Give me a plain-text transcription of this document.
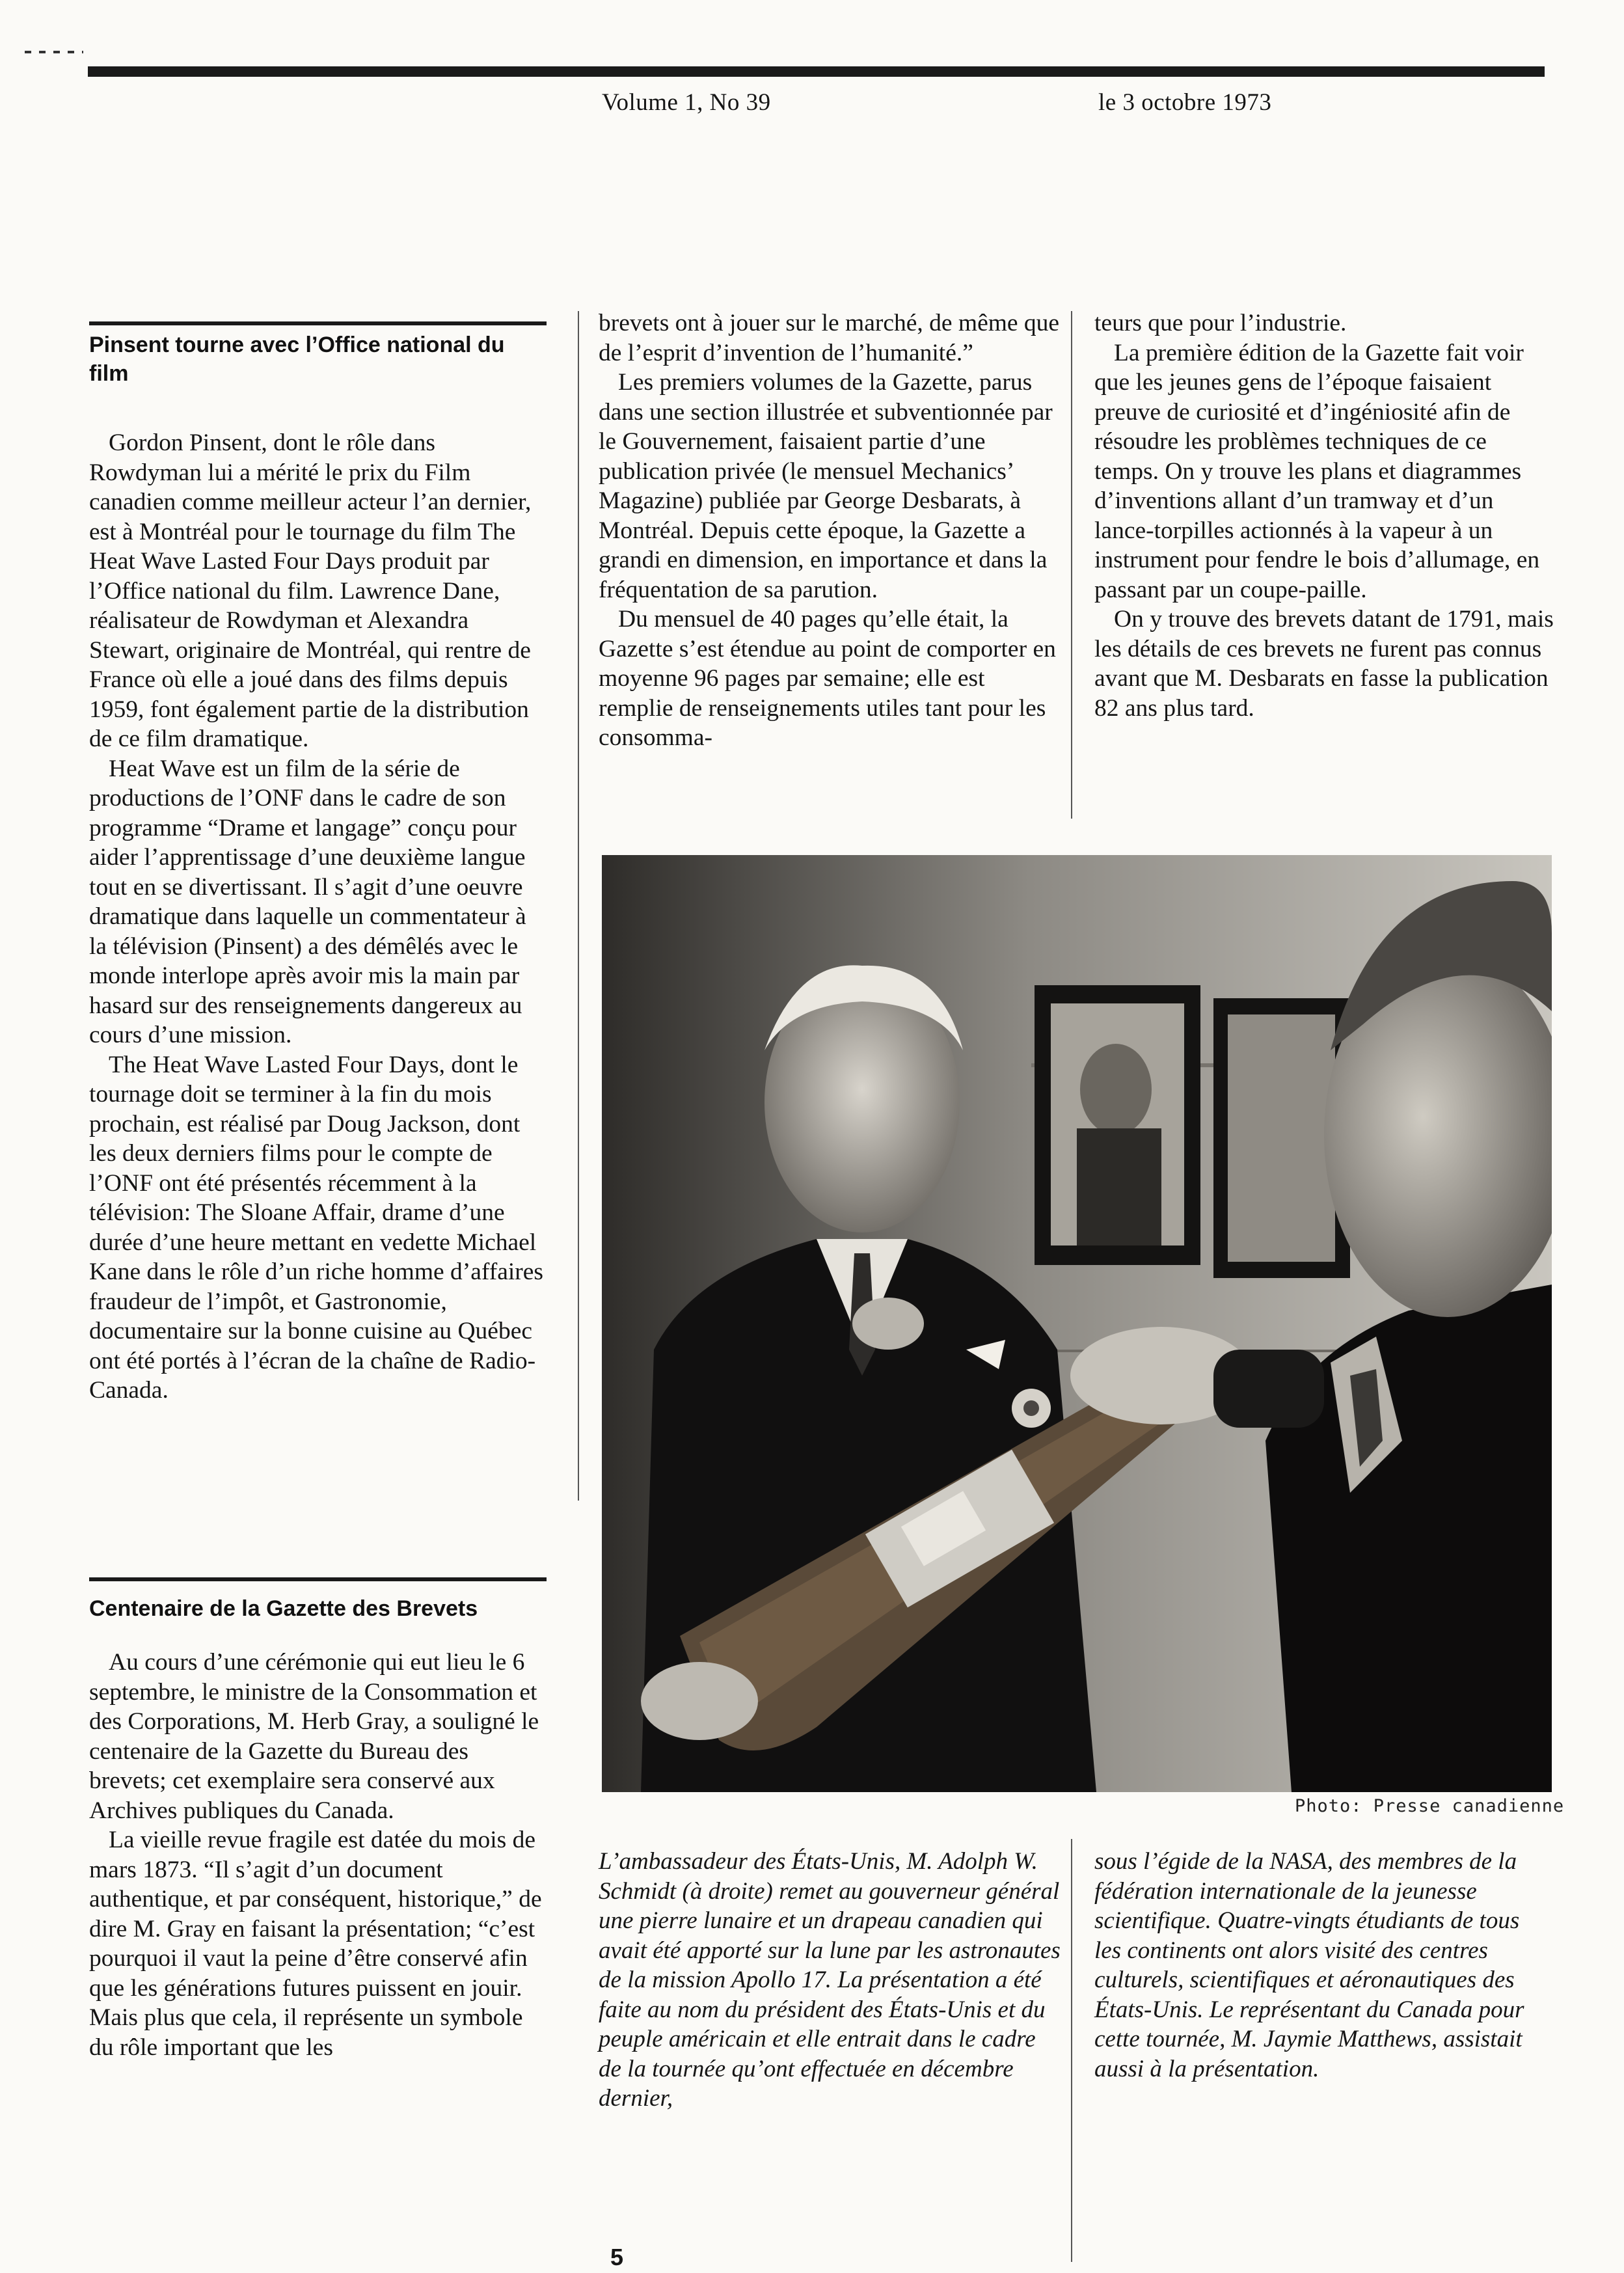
Volume 1, No 39	le 3 octobre 1973
Pinsent tourne avec l’Office national du film

Gordon Pinsent, dont le rôle dans Rowdyman lui a mérité le prix du Film canadien comme meilleur acteur l’an dernier, est à Montréal pour le tournage du film The Heat Wave Lasted Four Days produit par l’Office national du film. Lawrence Dane, réalisateur de Rowdyman et Alexandra Stewart, originaire de Montréal, qui rentre de France où elle a joué dans des films depuis 1959, font également partie de la distribution de ce film dramatique.

Heat Wave est un film de la série de productions de l’ONF dans le cadre de son programme “Drame et langage” conçu pour aider l’apprentissage d’une deuxième langue tout en se divertissant. Il s’agit d’une oeuvre dramatique dans laquelle un commentateur à la télévision (Pinsent) a des démêlés avec le monde interlope après avoir mis la main par hasard sur des renseignements dangereux au cours d’une mission.

The Heat Wave Lasted Four Days, dont le tournage doit se terminer à la fin du mois prochain, est réalisé par Doug Jackson, dont les deux derniers films pour le compte de l’ONF ont été présentés récemment à la télévision: The Sloane Affair, drame d’une durée d’une heure mettant en vedette Michael Kane dans le rôle d’un riche homme d’affaires fraudeur de l’impôt, et Gastronomie, documentaire sur la bonne cuisine au Québec ont été portés à l’écran de la chaîne de Radio-Canada.

Centenaire de la Gazette des Brevets

Au cours d’une cérémonie qui eut lieu le 6 septembre, le ministre de la Consommation et des Corporations, M. Herb Gray, a souligné le centenaire de la Gazette du Bureau des brevets; cet exemplaire sera conservé aux Archives publiques du Canada.

La vieille revue fragile est datée du mois de mars 1873. “Il s’agit d’un document authentique, et par conséquent, historique,” de dire M. Gray en faisant la présentation; “c’est pourquoi il vaut la peine d’être conservé afin que les générations futures puissent en jouir. Mais plus que cela, il représente un symbole du rôle important que les

brevets ont à jouer sur le marché, de même que de l’esprit d’invention de l’humanité.”

Les premiers volumes de la Gazette, parus dans une section illustrée et subventionnée par le Gouvernement, faisaient partie d’une publication privée (le mensuel Mechanics’ Magazine) publiée par George Desbarats, à Montréal. Depuis cette époque, la Gazette a grandi en dimension, en importance et dans la fréquentation de sa parution.

Du mensuel de 40 pages qu’elle était, la Gazette s’est étendue au point de comporter en moyenne 96 pages par semaine; elle est remplie de renseignements utiles tant pour les consomma-

teurs que pour l’industrie.

La première édition de la Gazette fait voir que les jeunes gens de l’époque faisaient preuve de curiosité et d’ingéniosité afin de résoudre les problèmes techniques de ce temps. On y trouve les plans et diagrammes d’inventions allant d’un tramway et d’un lance-torpilles actionnés à la vapeur à un instrument pour fendre le bois d’allumage, en passant par un coupe-paille.

On y trouve des brevets datant de 1791, mais les détails de ces brevets ne furent pas connus avant que M. Desbarats en fasse la publication 82 ans plus tard.

Photo: Presse canadienne

L’ambassadeur des États-Unis, M. Adolph W. Schmidt (à droite) remet au gouverneur général une pierre lunaire et un drapeau canadien qui avait été apporté sur la lune par les astronautes de la mission Apollo 17. La présentation a été faite au nom du président des États-Unis et du peuple américain et elle entrait dans le cadre de la tournée qu’ont effectuée en décembre dernier,

sous l’égide de la NASA, des membres de la fédération internationale de la jeunesse scientifique. Quatre-vingts étudiants de tous les continents ont alors visité des centres culturels, scientifiques et aéronautiques des États-Unis. Le représentant du Canada pour cette tournée, M. Jaymie Matthews, assistait aussi à la présentation.

5
